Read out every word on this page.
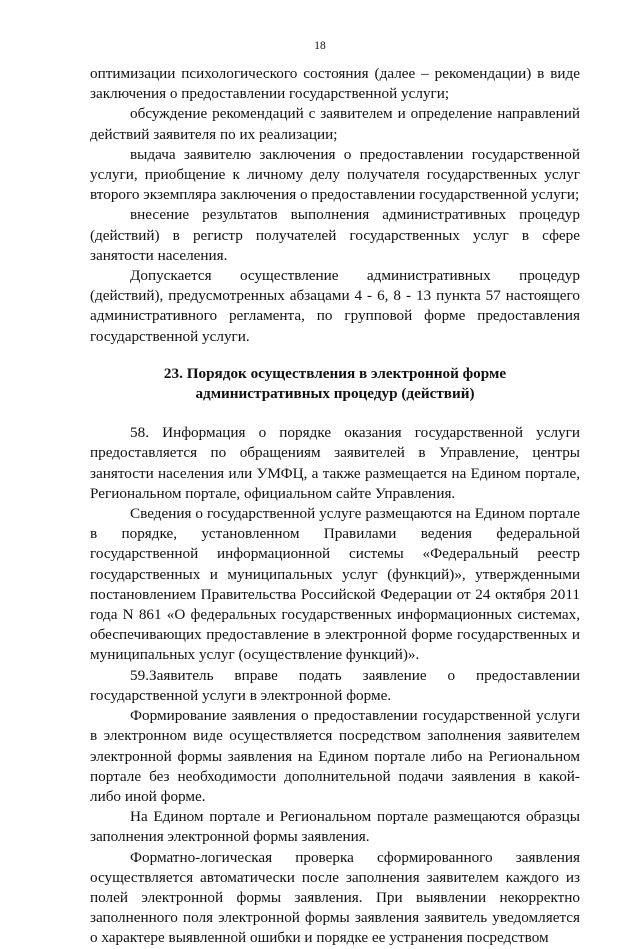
18

оптимизации психологического состояния (далее – рекомендации) в виде заключения о предоставлении государственной услуги;

обсуждение рекомендаций с заявителем и определение направлений действий заявителя по их реализации;

выдача заявителю заключения о предоставлении государственной услуги, приобщение к личному делу получателя государственных услуг второго экземпляра заключения о предоставлении государственной услуги;

внесение результатов выполнения административных процедур (действий) в регистр получателей государственных услуг в сфере занятости населения.

Допускается осуществление административных процедур (действий), предусмотренных абзацами 4 - 6, 8 - 13 пункта 57 настоящего административного регламента, по групповой форме предоставления государственной услуги.

23. Порядок осуществления в электронной форме
административных процедур (действий)

58. Информация о порядке оказания государственной услуги предоставляется по обращениям заявителей в Управление, центры занятости населения или УМФЦ, а также размещается на Едином портале, Региональном портале, официальном сайте Управления.

Сведения о государственной услуге размещаются на Едином портале в порядке, установленном Правилами ведения федеральной государственной информационной системы «Федеральный реестр государственных и муниципальных услуг (функций)», утвержденными постановлением Правительства Российской Федерации от 24 октября 2011 года N 861 «О федеральных государственных информационных системах, обеспечивающих предоставление в электронной форме государственных и муниципальных услуг (осуществление функций)».

59.Заявитель вправе подать заявление о предоставлении государственной услуги в электронной форме.

Формирование заявления о предоставлении государственной услуги в электронном виде осуществляется посредством заполнения заявителем электронной формы заявления на Едином портале либо на Региональном портале без необходимости дополнительной подачи заявления в какой-либо иной форме.

На Едином портале и Региональном портале размещаются образцы заполнения электронной формы заявления.

Форматно-логическая проверка сформированного заявления осуществляется автоматически после заполнения заявителем каждого из полей электронной формы заявления. При выявлении некорректно заполненного поля электронной формы заявления заявитель уведомляется о характере выявленной ошибки и порядке ее устранения посредством
